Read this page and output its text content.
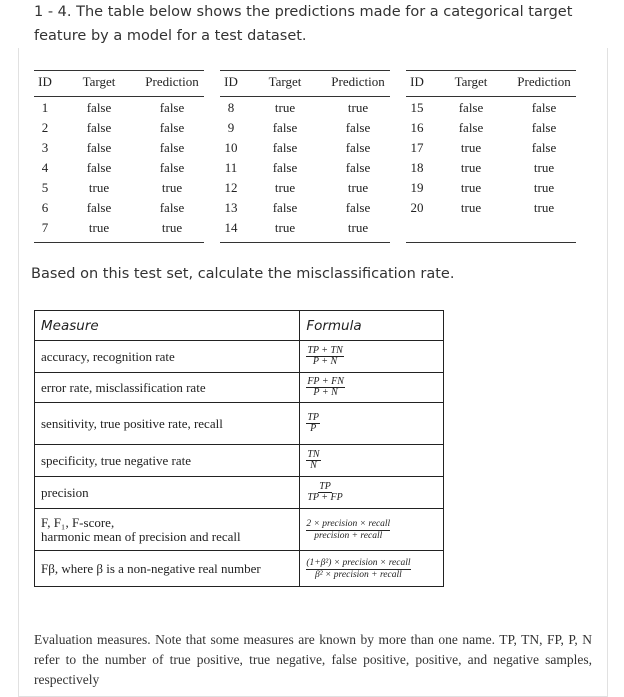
1 - 4. The table below shows the predictions made for a categorical target feature by a model for a test dataset.
ID	Target	Prediction
1	false	false
2	false	false
3	false	false
4	false	false
5	true	true
6	false	false
7	true	true
ID	Target	Prediction
8	true	true
9	false	false
10	false	false
11	false	false
12	true	true
13	false	false
14	true	true
ID	Target	Prediction
15	false	false
16	false	false
17	true	false
18	true	true
19	true	true
20	true	true
Based on this test set, calculate the misclassification rate.
Measure	Formula
accuracy, recognition rate	$\frac{TP + TN}{P + N}$

error rate, misclassification rate	$\frac{FP + FN}{P + N}$

sensitivity, true positive rate, recall	$\frac{TP}{P}$

specificity, true negative rate	$\frac{TN}{N}$

precision	$\frac{TP}{TP + FP}$

F, F₁, F-score,
harmonic mean of precision and recall	$\frac{\text{2 × precision × recall}}{\text{precision + recall}}$

Fβ, where β is a non-negative real number	$\frac{\text{(1+β²) × precision × recall}}{\text{β² × precision + recall}}$
Evaluation measures. Note that some measures are known by more than one name. TP, TN, FP, P, N refer to the number of true positive, true negative, false positive, positive, and negative samples, respectively
